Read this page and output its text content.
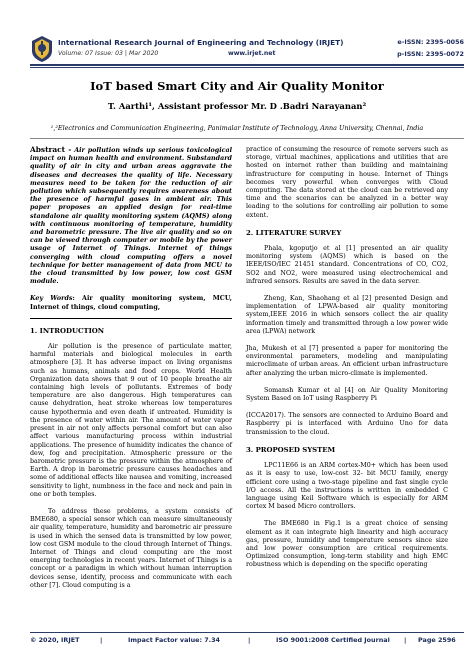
International Research Journal of Engineering and Technology (IRJET)
Volume: 07 Issue: 03 | Mar 2020	www.irjet.net
e-ISSN: 2395-0056
p-ISSN: 2395-0072
IoT based Smart City and Air Quality Monitor
T. Aarthi¹, Assistant professor Mr. D .Badri Narayanan²
¹,²Electronics and Communication Engineering, Panimalar Institute of Technology, Anna University, Chennai, India

Abstract - Air pollution winds up serious toxicological impact on human health and environment. Substandard quality of air in city and urban areas aggravate the diseases and decreases the quality of life. Necessary measures need to be taken for the reduction of air pollution which subsequently requires awareness about the presence of harmful gases in ambient air. This paper proposes an applied design for real-time standalone air quality monitoring system (AQMS) along with continuous monitoring of temperature, humidity and barometric pressure. The live air quality and so on can be viewed through computer or mobile by the power usage of Internet of Things. Internet of things converging with cloud computing offers a novel technique for better management of data from MCU to the cloud transmitted by low power, low cost GSM module.

Key Words: Air quality monitoring system, MCU, Internet of things, cloud computing,

1. INTRODUCTION

Air pollution is the presence of particulate matter, harmful materials and biological molecules in earth atmosphere [3]. It has adverse impact on living organisms such as humans, animals and food crops. World Health Organization data shows that 9 out of 10 people breathe air containing high levels of pollutants. Extremes of body temperature are also dangerous. High temperatures can cause dehydration, heat stroke whereas low temperatures cause hypothermia and even death if untreated. Humidity is the presence of water within air. The amount of water vapor present in air not only affects personal comfort but can also affect various manufacturing process within industrial applications. The presence of humidity indicates the chance of dew, fog and precipitation. Atmospheric pressure or the barometric pressure is the pressure within the atmosphere of Earth. A drop in barometric pressure causes headaches and some of additional effects like nausea and vomiting, increased sensitivity to light, numbness in the face and neck and pain in one or both temples.

To address these problems, a system consists of BME680, a special sensor which can measure simultaneously air quality, temperature, humidity and barometric air pressure is used in which the sensed data is transmitted by low power, low cost GSM module to the cloud through Internet of Things. Internet of Things and cloud computing are the most emerging technologies in recent years. Internet of Things is a concept or a paradigm in which without human interruption devices sense, identify, process and communicate with each other [7]. Cloud computing is a

practice of consuming the resource of remote servers such as storage, virtual machines, applications and utilities that are hosted on internet rather than building and maintaining infrastructure for computing in house. Internet of Things becomes very powerful when converges with Cloud computing. The data stored at the cloud can be retrieved any time and the scenarios can be analyzed in a better way leading to the solutions for controlling air pollution to some extent.

2. LITERATURE SURVEY

Phala, kgoputjo et al [1] presented an air quality monitoring system (AQMS) which is based on the IEEE/ISO/IEC 21451 standard. Concentrations of CO, CO2, SO2 and NO2, were measured using electrochemical and infrared sensors. Results are saved in the data server.

Zheng, Kan, Shaohang et al [2] presented Design and implementation of LPWA-based air quality monitoring system,IEEE 2016 in which sensors collect the air quality information timely and transmitted through a low power wide area (LPWA) network

Jha, Mukesh et al [7] presented a paper for monitoring the environmental parameters, modeling and manipulating microclimate of urban areas. An efficient urban infrastructure after analyzing the urban micro-climate is implemented.

Somansh Kumar et al [4] on Air Quality Monitoring System Based on IoT using Raspberry Pi

(ICCA2017). The sensors are connected to Arduino Board and Raspberry pi is interfaced with Arduino Uno for data transmission to the cloud.

3. PROPOSED SYSTEM

LPC11E66 is an ARM cortex-M0+ which has been used as it is easy to use, low-cost 32- bit MCU family, energy efficient core using a two-stage pipeline and fast single cycle I/O access. All the instructions is written in embedded C language using Keil Software which is especially for ARM cortex M based Micro controllers.

The BME680 in Fig.1 is a great choice of sensing element as it can integrate high linearity and high accuracy gas, pressure, humidity and temperature sensors since size and low power consumption are critical requirements. Optimized consumption, long-term stability and high EMC robustness which is depending on the specific operating

© 2020, IRJET	|	Impact Factor value: 7.34	|	ISO 9001:2008 Certified Journal | Page 2596
